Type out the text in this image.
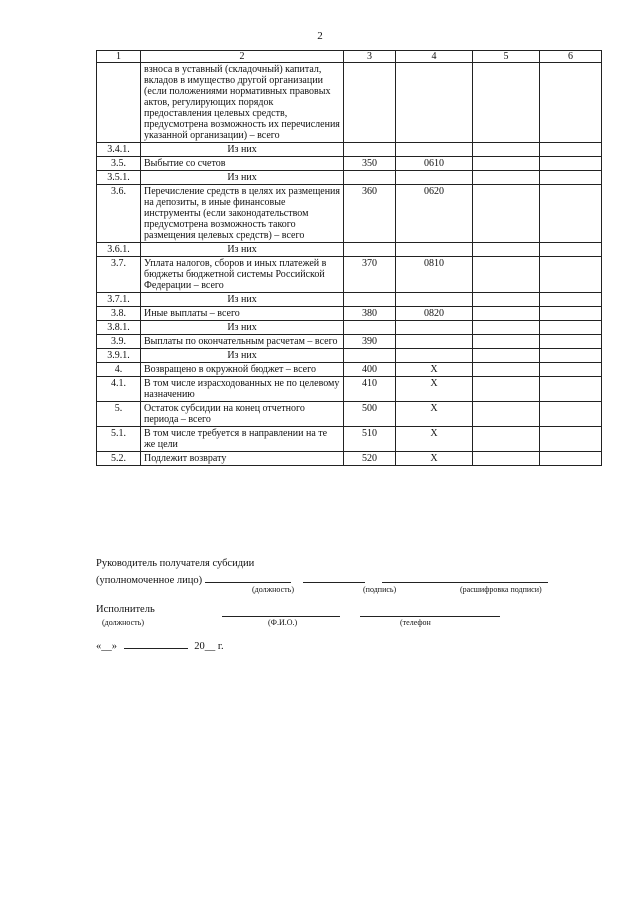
2
1	2	3	4	5	6
	взноса в уставный (складочный) капитал, вкладов в имущество другой организации (если положениями нормативных правовых актов, регулирующих порядок предоставления целевых средств, предусмотрена возможность их перечисления указанной организации) – всего				
3.4.1.	Из них				
3.5.	Выбытие со счетов	350	0610		
3.5.1.	Из них				
3.6.	Перечисление средств в целях их размещения на депозиты, в иные финансовые инструменты (если законодательством предусмотрена возможность такого размещения целевых средств) – всего	360	0620		
3.6.1.	Из них				
3.7.	Уплата налогов, сборов и иных платежей в бюджеты бюджетной системы Российской Федерации – всего	370	0810		
3.7.1.	Из них				
3.8.	Иные выплаты – всего	380	0820		
3.8.1.	Из них				
3.9.	Выплаты по окончательным расчетам – всего	390			
3.9.1.	Из них				
4.	Возвращено в окружной бюджет – всего	400	X		
4.1.	В том числе израсходованных не по целевому назначению	410	X		
5.	Остаток субсидии на конец отчетного периода – всего	500	X		
5.1.	В том числе требуется в направлении на те же цели	510	X		
5.2.	Подлежит возврату	520	X		
Руководитель получателя субсидии
(уполномоченное лицо)
(должность)	(подпись)	(расшифровка подписи)
Исполнитель
(должность)	(Ф.И.О.)	(телефон
«__»	20__ г.
